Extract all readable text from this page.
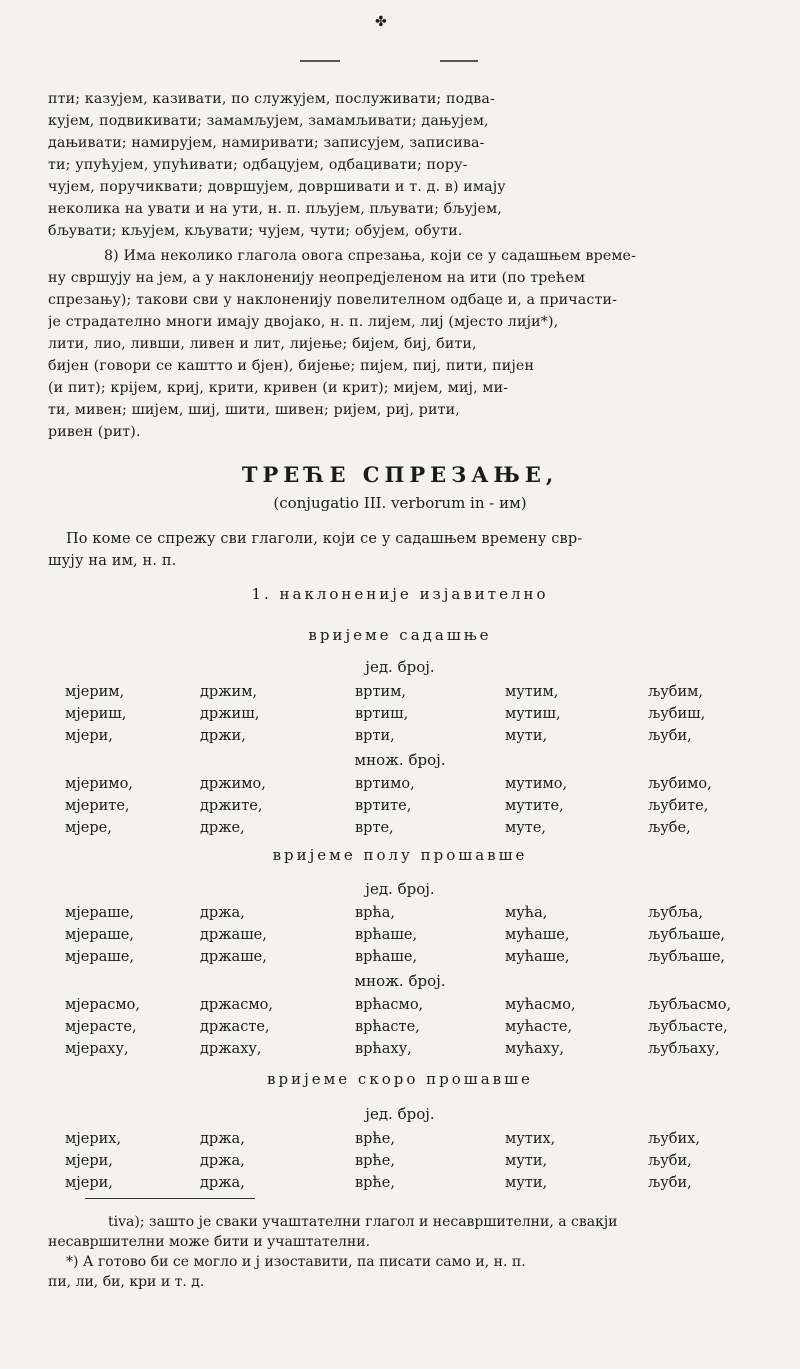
✤
пти; казујем, казивати, по служујем, послуживати; подва-
кујем, подвикивати; замамљујем, замамљивати; дањујем,
дањивати; намирујем, намиривати; записујем, записива-
ти; упућујем, упућивати; одбацујем, одбацивати; пору-
чујем, поручиквати; довршујем, довршивати и т. д. в) имају
неколика на увати и на ути, н. п. пљујем, пљувати; бљујем,
бљувати; кљујем, кљувати; чујем, чути; обујем, обути.
8) Има неколико глагола овога спрезања, који се у садашњем време-
ну свршују на јем, а у наклоненију неопредјеленом на ити (по трећем
спрезању); такови сви у наклоненију повелителном одбаце и, а причасти-
је страдателно многи имају двојако, н. п. лијем, лиј (мјесто лији*),
лити, лио, ливши, ливен и лит, лијење; бијем, биј, бити,
бијен (говори се каштто и бјен), бијење; пијем, пиј, пити, пијен
(и пит); крijeм, криј, крити, кривен (и крит); мијем, миј, ми-
ти, мивен; шијем, шиј, шити, шивен; ријем, риј, рити,
ривен (рит).
ТРЕЋЕ СПРЕЗАЊЕ,
(conjugatio III. verborum in - им)
По коме се спрежу сви глаголи, који се у садашњем времену свр-
шују на им, н. п.
1. наклоненије изјавително
вријеме садашње
јед. број.
мјерим,	држим,	вртим,	мутим,	љубим,
мјериш,	држиш,	вртиш,	мутиш,	љубиш,
мјери,	држи,	врти,	мути,	љуби,
множ. број.
мјеримо,	држимо,	вртимо,	мутимо,	љубимо,
мјерите,	држите,	вртите,	мутите,	љубите,
мјере,	држе,	врте,	муте,	љубе,
вријеме полу прошавше
јед. број.
мјераше,	држа,	врћа,	мућа,	љубља,
мјераше,	држаше,	врћаше,	мућаше,	љубљаше,
мјераше,	држаше,	врћаше,	мућаше,	љубљаше,
множ. број.
мјерасмо,	држасмо,	врћасмо,	мућасмо,	љубљасмо,
мјерасте,	држасте,	врћасте,	мућасте,	љубљасте,
мјераху,	држаху,	врћаху,	мућаху,	љубљаху,
вријеме скоро прошавше
јед. број.
мјерих,	држа,	врће,	мутих,	љубих,
мјери,	држа,	врће,	мути,	љуби,
мјери,	држа,	врће,	мути,	љуби,
tiva); зашто је сваки учаштателни глагол и несавршителни, а свакји
несавршителни може бити и учаштателни.
*) А готово би се могло и ј изоставити, па писати само и, н. п.
пи, ли, би, кри и т. д.
